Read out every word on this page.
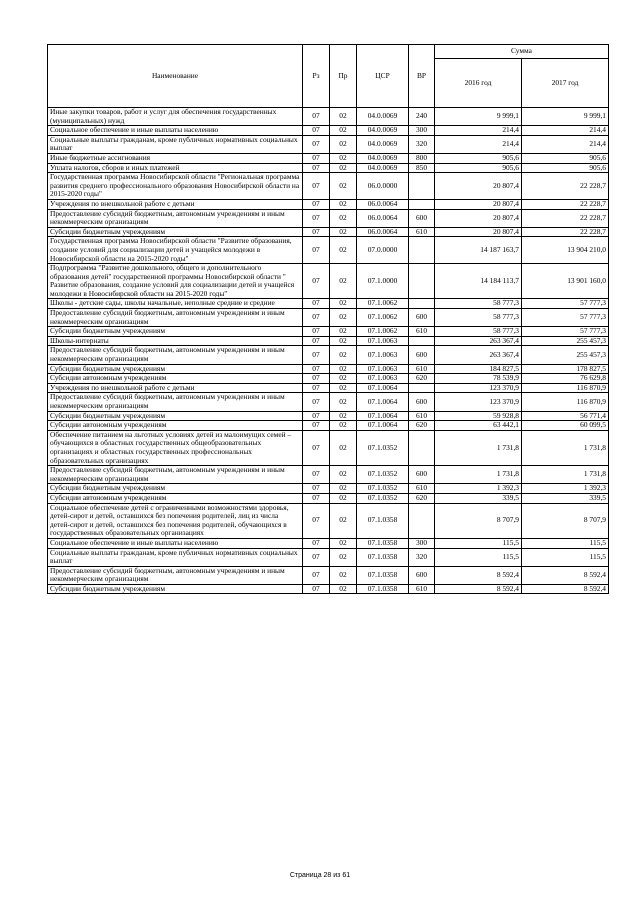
Наименование	Рз	Пр	ЦСР	ВР	Сумма	
					2016 год	2017 год
Иные закупки товаров, работ и услуг для обеспечения государственных (муниципальных) нужд	07	02	04.0.0069	240	9 999,1	9 999,1
Социальное обеспечение и иные выплаты населению	07	02	04.0.0069	300	214,4	214,4
Социальные выплаты гражданам, кроме публичных нормативных социальных выплат	07	02	04.0.0069	320	214,4	214,4
Иные бюджетные ассигнования	07	02	04.0.0069	800	905,6	905,6
Уплата налогов, сборов и иных платежей	07	02	04.0.0069	850	905,6	905,6
Государственная программа Новосибирской области "Региональная программа развития среднего профессионального образования Новосибирской области на 2015-2020 годы"	07	02	06.0.0000		20 807,4	22 228,7
Учреждения по внешкольной работе с детьми	07	02	06.0.0064		20 807,4	22 228,7
Предоставление субсидий бюджетным, автономным учреждениям и иным некоммерческим организациям	07	02	06.0.0064	600	20 807,4	22 228,7
Субсидии бюджетным учреждениям	07	02	06.0.0064	610	20 807,4	22 228,7
Государственная программа Новосибирской области "Развитие образования, создание условий для социализации детей и учащейся молодежи в Новосибирской области на 2015-2020 годы"	07	02	07.0.0000		14 187 163,7	13 904 210,0
Подпрограмма "Развитие дошкольного, общего и дополнительного образования детей" государственной программы Новосибирской области " Развитие образования, создание условий для социализации детей и учащейся молодежи в Новосибирской области на 2015-2020 годы"	07	02	07.1.0000		14 184 113,7	13 901 160,0
Школы - детские сады, школы начальные, неполные средние и средние	07	02	07.1.0062		58 777,3	57 777,3
Предоставление субсидий бюджетным, автономным учреждениям и иным некоммерческим организациям	07	02	07.1.0062	600	58 777,3	57 777,3
Субсидии бюджетным учреждениям	07	02	07.1.0062	610	58 777,3	57 777,3
Школы-интернаты	07	02	07.1.0063		263 367,4	255 457,3
Предоставление субсидий бюджетным, автономным учреждениям и иным некоммерческим организациям	07	02	07.1.0063	600	263 367,4	255 457,3
Субсидии бюджетным учреждениям	07	02	07.1.0063	610	184 827,5	178 827,5
Субсидии автономным учреждениям	07	02	07.1.0063	620	78 539,9	76 629,8
Учреждения по внешкольной работе с детьми	07	02	07.1.0064		123 370,9	116 870,9
Предоставление субсидий бюджетным, автономным учреждениям и иным некоммерческим организациям	07	02	07.1.0064	600	123 370,9	116 870,9
Субсидии бюджетным учреждениям	07	02	07.1.0064	610	59 928,8	56 771,4
Субсидии автономным учреждениям	07	02	07.1.0064	620	63 442,1	60 099,5
Обеспечение питанием на льготных условиях детей из малоимущих семей – обучающихся в областных государственных общеобразовательных организациях и областных государственных профессиональных образовательных организациях	07	02	07.1.0352		1 731,8	1 731,8
Предоставление субсидий бюджетным, автономным учреждениям и иным некоммерческим организациям	07	02	07.1.0352	600	1 731,8	1 731,8
Субсидии бюджетным учреждениям	07	02	07.1.0352	610	1 392,3	1 392,3
Субсидии автономным учреждениям	07	02	07.1.0352	620	339,5	339,5
Социальное обеспечение детей с ограниченными возможностями здоровья, детей-сирот и детей, оставшихся без попечения родителей, лиц из числа детей-сирот и детей, оставшихся без попечения родителей, обучающихся в государственных образовательных организациях	07	02	07.1.0358		8 707,9	8 707,9
Социальное обеспечение и иные выплаты населению	07	02	07.1.0358	300	115,5	115,5
Социальные выплаты гражданам, кроме публичных нормативных социальных выплат	07	02	07.1.0358	320	115,5	115,5
Предоставление субсидий бюджетным, автономным учреждениям и иным некоммерческим организациям	07	02	07.1.0358	600	8 592,4	8 592,4
Субсидии бюджетным учреждениям	07	02	07.1.0358	610	8 592,4	8 592,4
Страница 28 из 61
